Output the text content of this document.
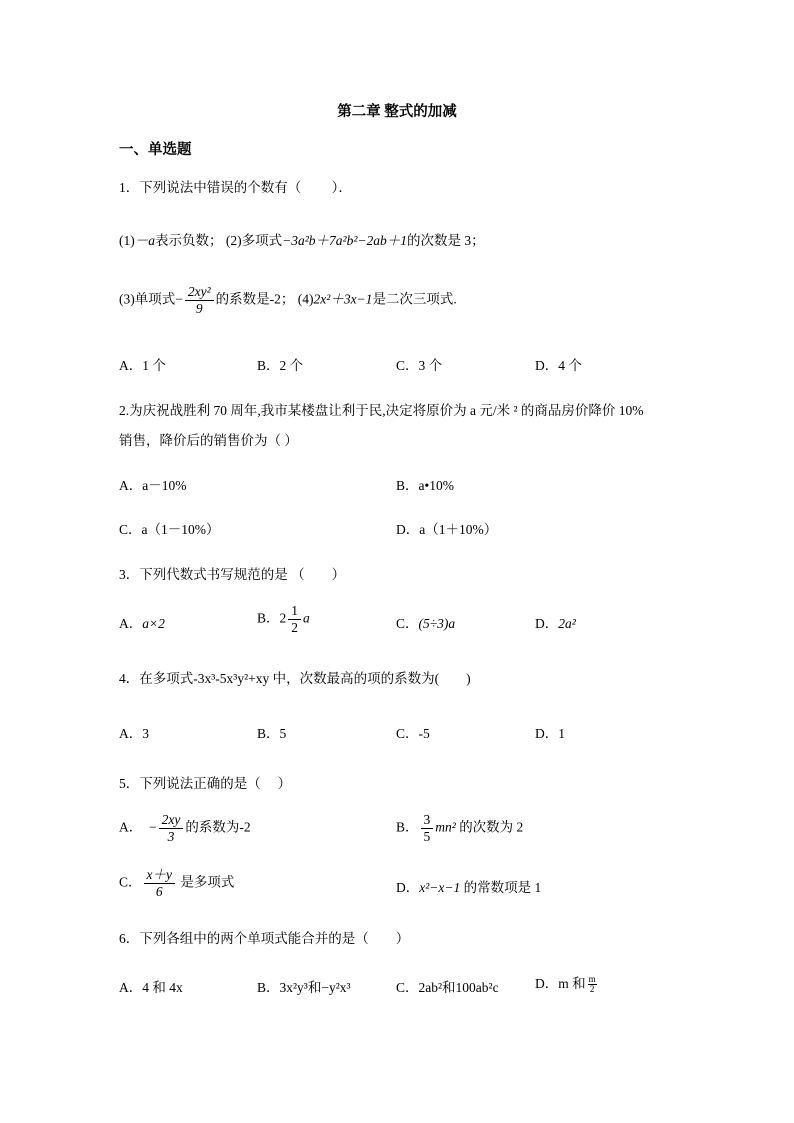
第二章 整式的加减
一、单选题
1．下列说法中错误的个数有（　　 ）．
(1)－a表示负数； (2)多项式−3a²b＋7a²b²−2ab＋1的次数是 3；
(3)单项式− $\frac{\text{2xy²}}{9}$ 的系数是-2； (4)2x²＋3x−1是二次三项式.
A．1 个	B．2 个	C．3 个	D．4 个
2.为庆祝战胜利 70 周年,我市某楼盘让利于民,决定将原价为 a 元/米 ² 的商品房价降价 10%
销售，降价后的销售价为（ ）
A．a－10%	B．a•10%
C．a（1－10%）	D．a（1＋10%）
3．下列代数式书写规范的是 （　　）
A．a×2	B．$2 \frac{1}{2}$ a	C．(5÷3)a	D．2a²
4．在多项式-3x³-5x³y²+xy 中，次数最高的项的系数为(　　)
A．3	B．5	C．-5	D．1
5．下列说法正确的是（　 ）
A． − $\frac{2xy}{3}$ 的系数为-2	B． $\frac{3}{5} mn^2$ 的次数为 2
C． $\frac{x+y}{6}$ 是多项式	D．x²−x−1 的常数项是 1
6．下列各组中的两个单项式能合并的是（　　）
A．4 和 4x	B．3x²y³和−y²x³	C．2ab²和100ab²c	D．m 和 $\frac{m}{2}$
